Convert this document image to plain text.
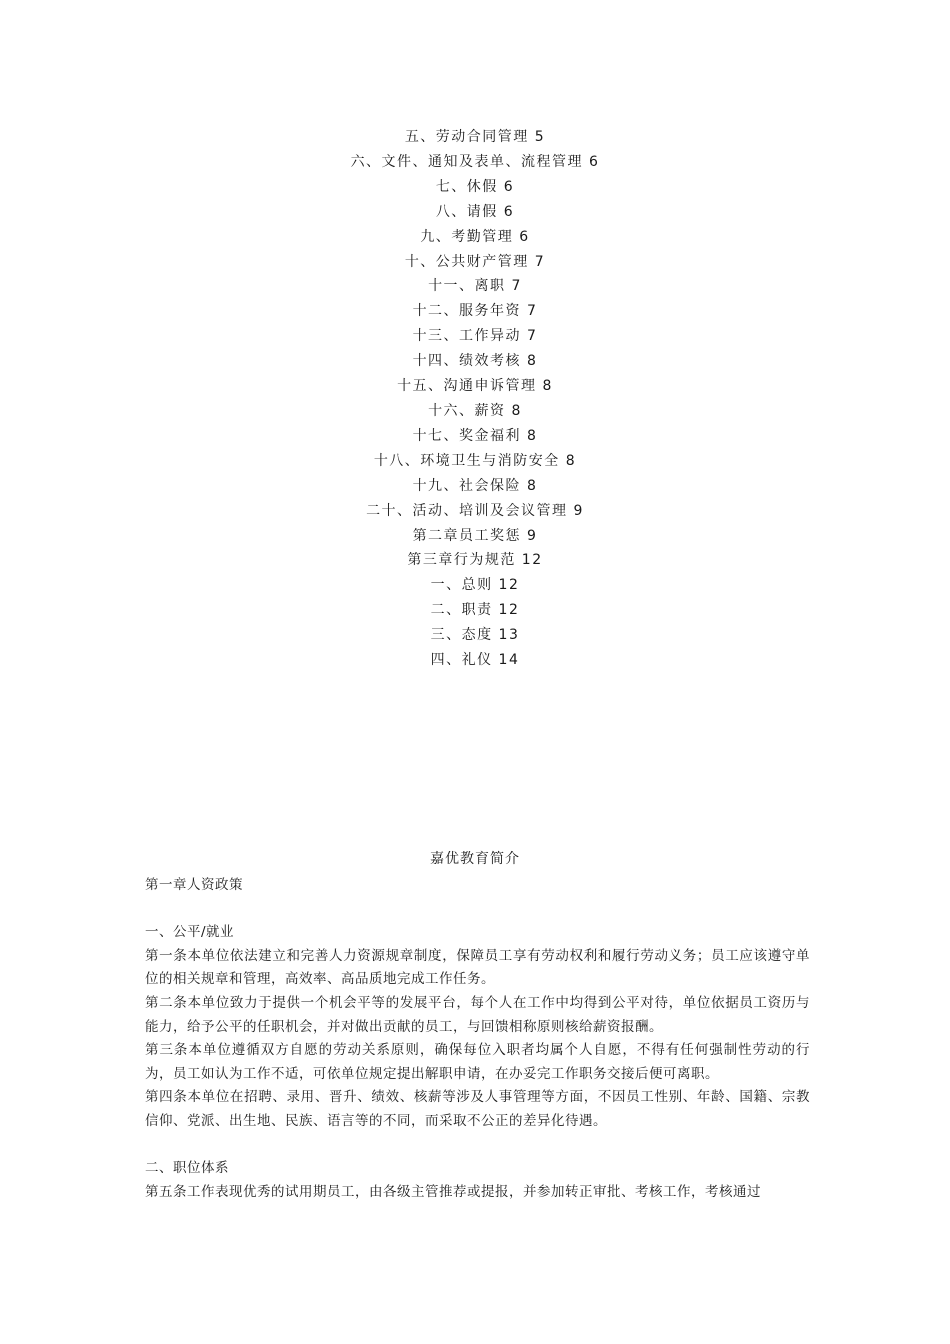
五、劳动合同管理 5
六、文件、通知及表单、流程管理 6
七、休假 6
八、请假 6
九、考勤管理 6
十、公共财产管理 7
十一、离职 7
十二、服务年资 7
十三、工作异动 7
十四、绩效考核 8
十五、沟通申诉管理 8
十六、薪资 8
十七、奖金福利 8
十八、环境卫生与消防安全 8
十九、社会保险 8
二十、活动、培训及会议管理 9
第二章员工奖惩 9
第三章行为规范 12
一、总则 12
二、职责 12
三、态度 13
四、礼仪 14
嘉优教育简介
第一章人资政策
一、公平/就业
第一条本单位依法建立和完善人力资源规章制度，保障员工享有劳动权利和履行劳动义务；员工应该遵守单位的相关规章和管理，高效率、高品质地完成工作任务。
第二条本单位致力于提供一个机会平等的发展平台，每个人在工作中均得到公平对待，单位依据员工资历与能力，给予公平的任职机会，并对做出贡献的员工，与回馈相称原则核给薪资报酬。
第三条本单位遵循双方自愿的劳动关系原则，确保每位入职者均属个人自愿，不得有任何强制性劳动的行为，员工如认为工作不适，可依单位规定提出解职申请，在办妥完工作职务交接后便可离职。
第四条本单位在招聘、录用、晋升、绩效、核薪等涉及人事管理等方面，不因员工性别、年龄、国籍、宗教信仰、党派、出生地、民族、语言等的不同，而采取不公正的差异化待遇。
二、职位体系
第五条工作表现优秀的试用期员工，由各级主管推荐或提报，并参加转正审批、考核工作，考核通过
